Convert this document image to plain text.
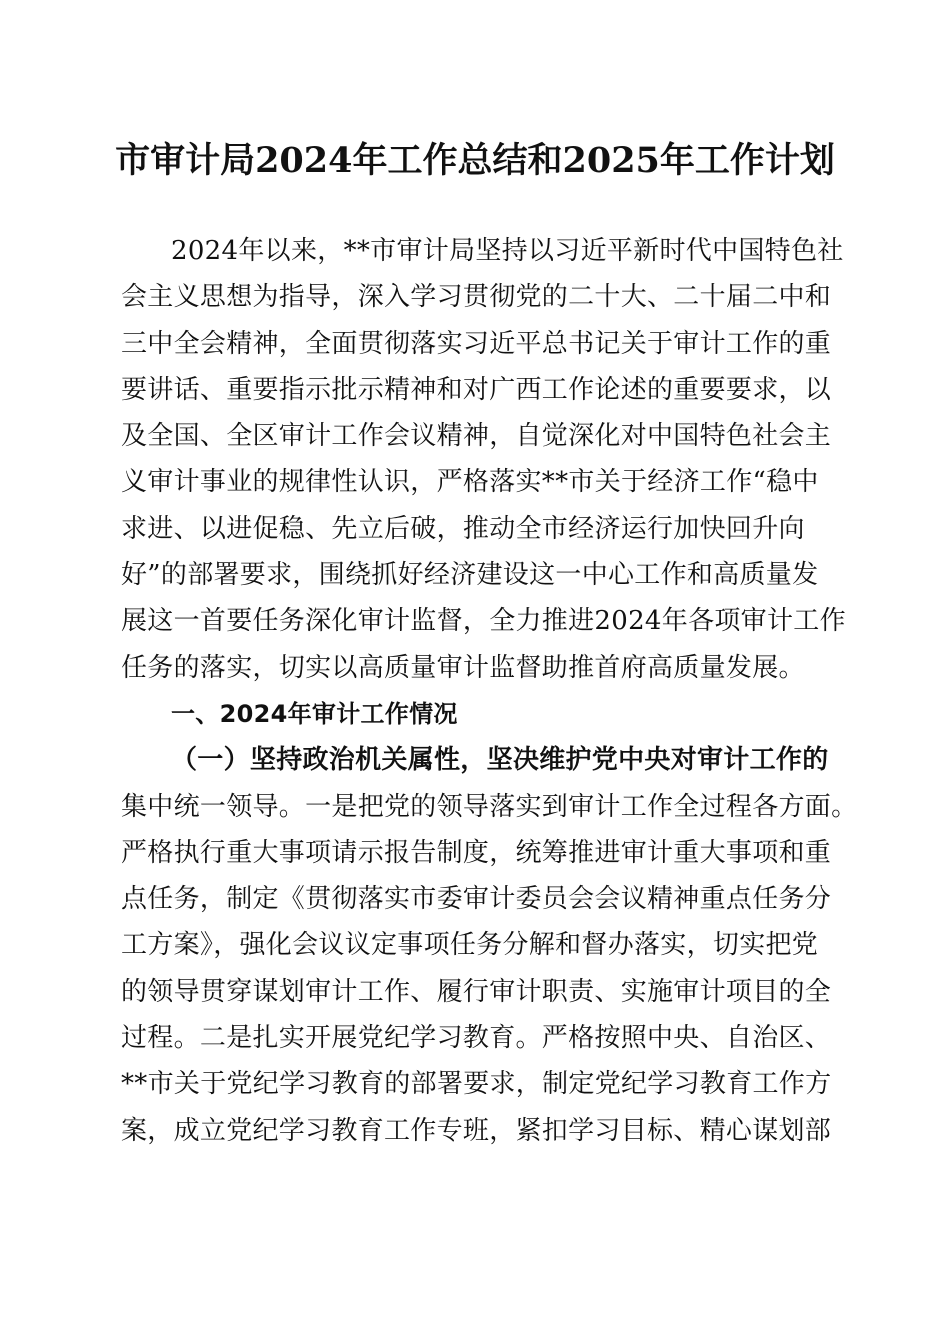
市审计局2024年工作总结和2025年工作计划
2024年以来，**市审计局坚持以习近平新时代中国特色社
会主义思想为指导，深入学习贯彻党的二十大、二十届二中和
三中全会精神，全面贯彻落实习近平总书记关于审计工作的重
要讲话、重要指示批示精神和对广西工作论述的重要要求，以
及全国、全区审计工作会议精神，自觉深化对中国特色社会主
义审计事业的规律性认识，严格落实**市关于经济工作“稳中
求进、以进促稳、先立后破，推动全市经济运行加快回升向
好”的部署要求，围绕抓好经济建设这一中心工作和高质量发
展这一首要任务深化审计监督，全力推进2024年各项审计工作
任务的落实，切实以高质量审计监督助推首府高质量发展。
一、2024年审计工作情况
（一）坚持政治机关属性，坚决维护党中央对审计工作的
集中统一领导。一是把党的领导落实到审计工作全过程各方面。
严格执行重大事项请示报告制度，统筹推进审计重大事项和重
点任务，制定《贯彻落实市委审计委员会会议精神重点任务分
工方案》，强化会议议定事项任务分解和督办落实，切实把党
的领导贯穿谋划审计工作、履行审计职责、实施审计项目的全
过程。二是扎实开展党纪学习教育。严格按照中央、自治区、
**市关于党纪学习教育的部署要求，制定党纪学习教育工作方
案，成立党纪学习教育工作专班，紧扣学习目标、精心谋划部
